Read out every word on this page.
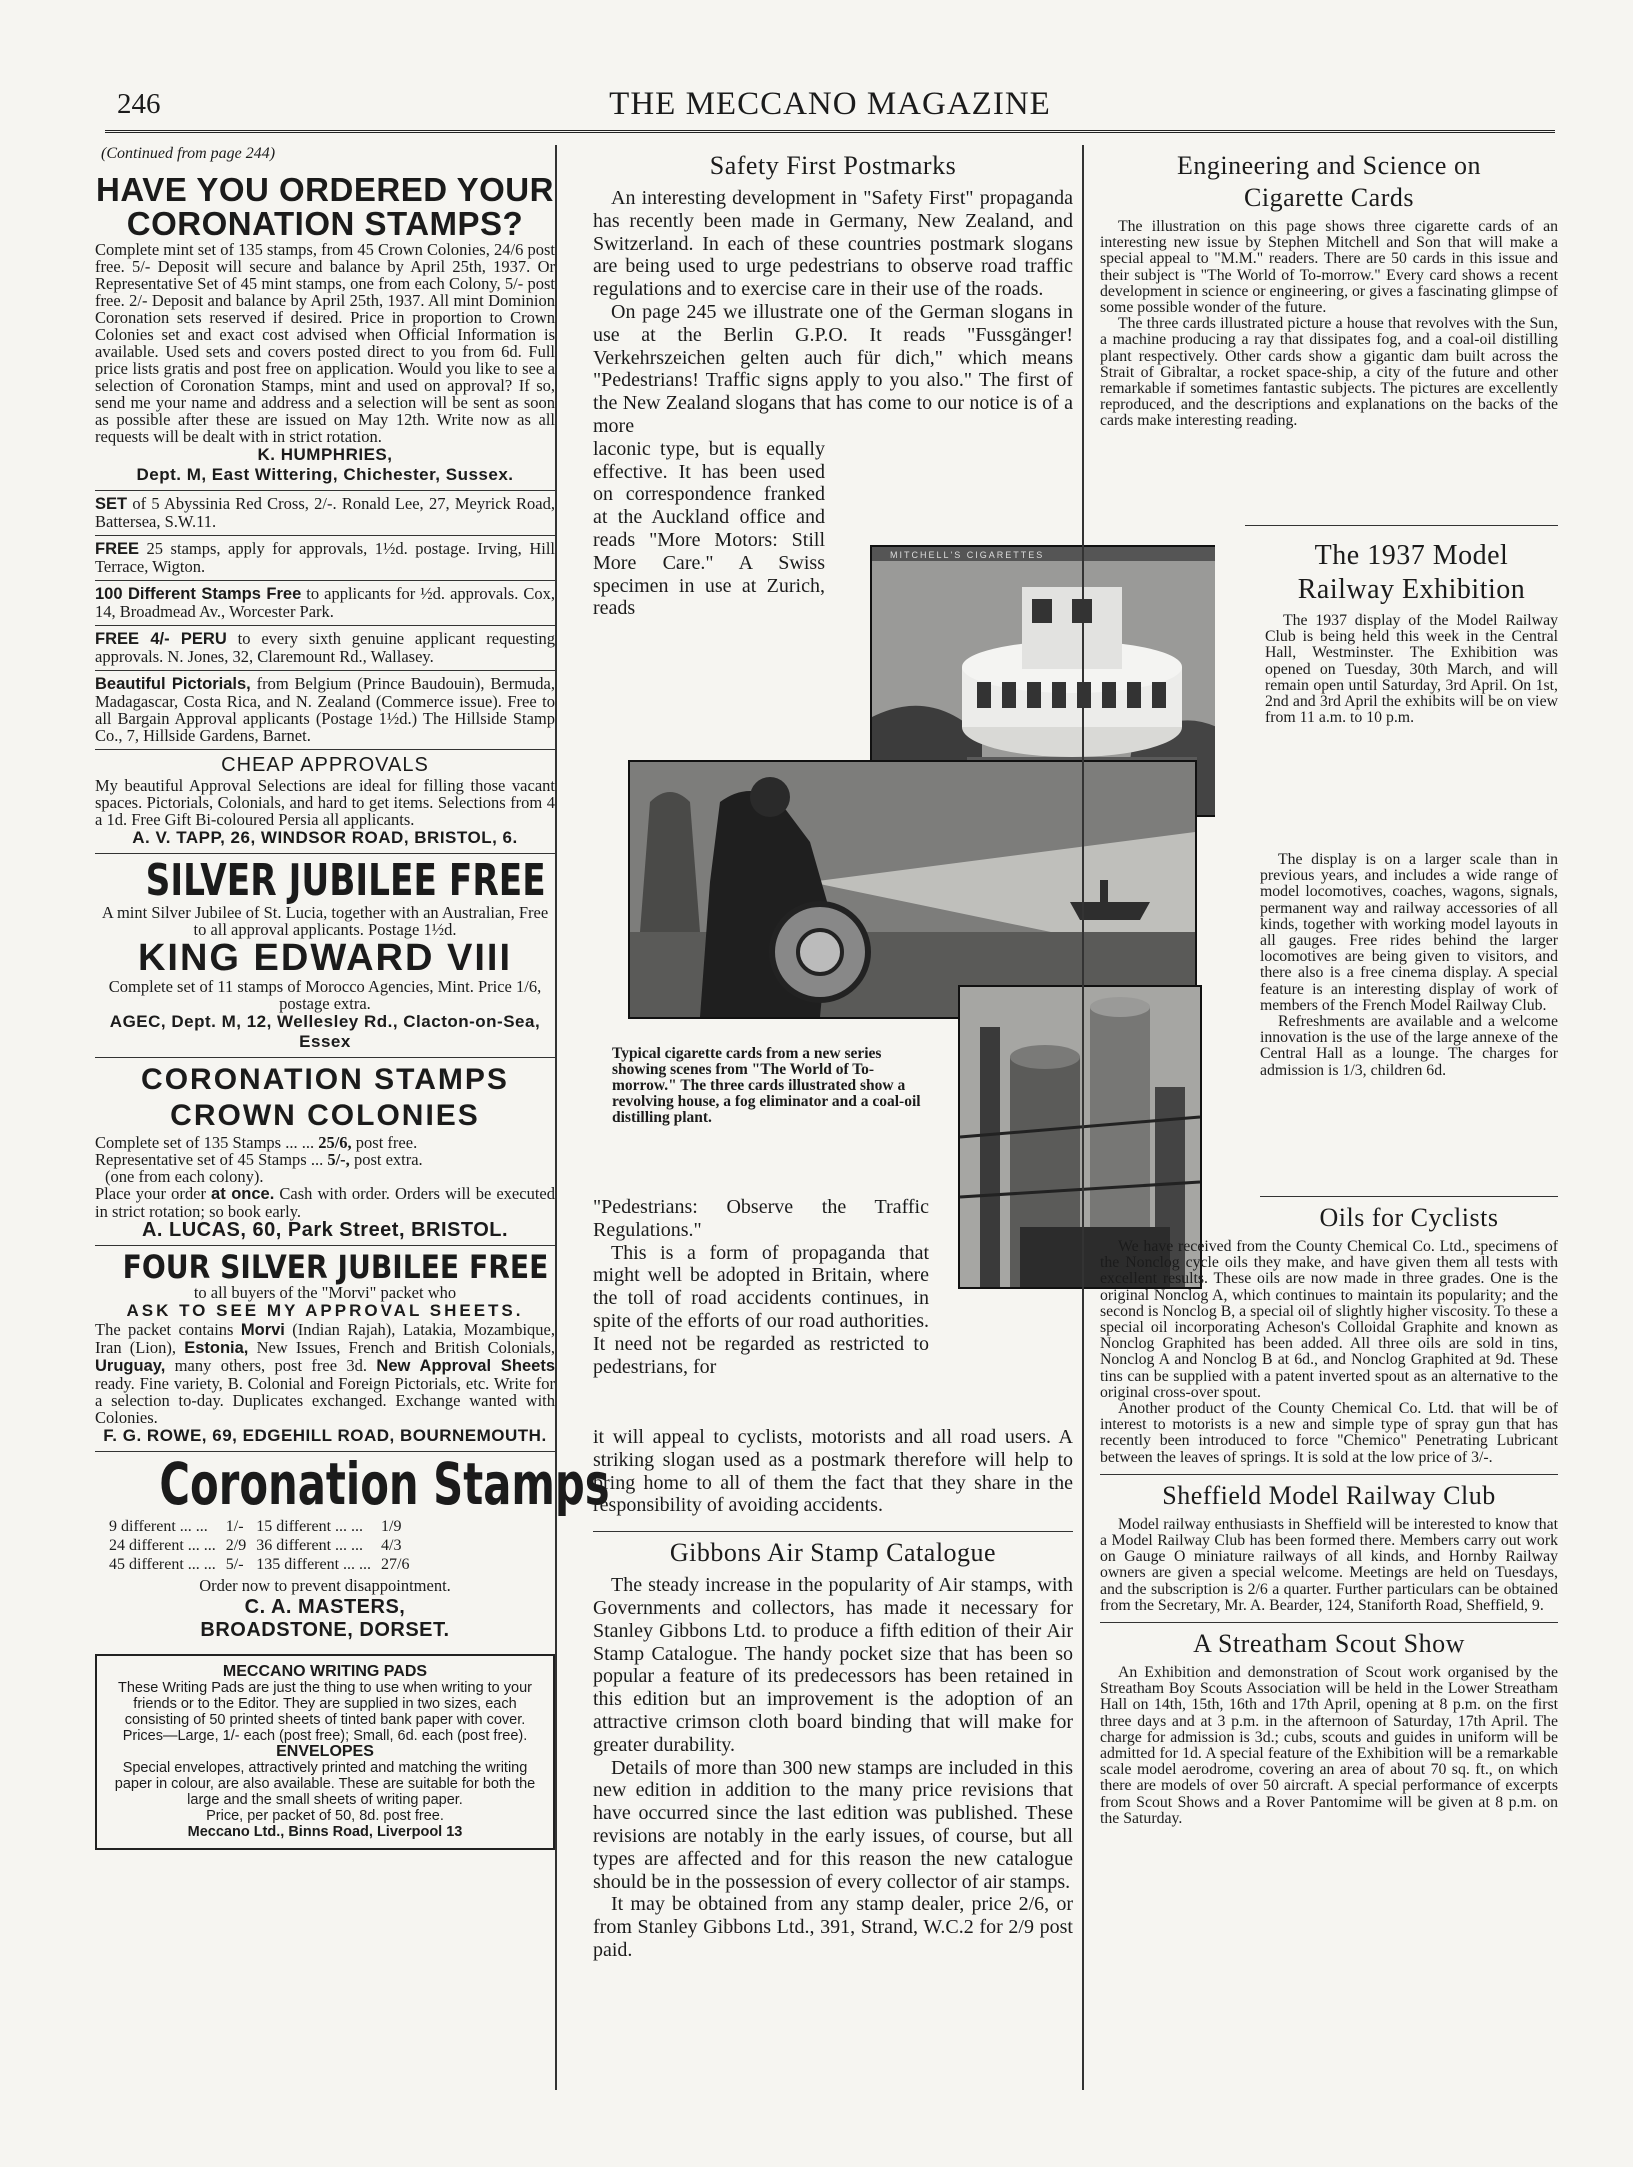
246	THE MECCANO MAGAZINE
(Continued from page 244)
HAVE YOU ORDERED YOUR
CORONATION STAMPS?

Complete mint set of 135 stamps, from 45 Crown Colonies, 24/6 post free. 5/- Deposit will secure and balance by April 25th, 1937. Or Representative Set of 45 mint stamps, one from each Colony, 5/- post free. 2/- Deposit and balance by April 25th, 1937. All mint Dominion Coronation sets reserved if desired. Price in proportion to Crown Colonies set and exact cost advised when Official Information is available. Used sets and covers posted direct to you from 6d. Full price lists gratis and post free on application. Would you like to see a selection of Coronation Stamps, mint and used on approval? If so, send me your name and address and a selection will be sent as soon as possible after these are issued on May 12th. Write now as all requests will be dealt with in strict rotation.

K. HUMPHRIES,
Dept. M, East Wittering, Chichester, Sussex.
SET of 5 Abyssinia Red Cross, 2/-. Ronald Lee, 27, Meyrick Road, Battersea, S.W.11.
FREE 25 stamps, apply for approvals, 1½d. postage. Irving, Hill Terrace, Wigton.
100 Different Stamps Free to applicants for ½d. approvals. Cox, 14, Broadmead Av., Worcester Park.
FREE 4/- PERU to every sixth genuine applicant requesting approvals. N. Jones, 32, Claremount Rd., Wallasey.
Beautiful Pictorials, from Belgium (Prince Baudouin), Bermuda, Madagascar, Costa Rica, and N. Zealand (Commerce issue). Free to all Bargain Approval applicants (Postage 1½d.) The Hillside Stamp Co., 7, Hillside Gardens, Barnet.
CHEAP APPROVALS

My beautiful Approval Selections are ideal for filling those vacant spaces. Pictorials, Colonials, and hard to get items. Selections from 4 a 1d. Free Gift Bi-coloured Persia all applicants.

A. V. TAPP, 26, WINDSOR ROAD, BRISTOL, 6.
SILVER JUBILEE FREE

A mint Silver Jubilee of St. Lucia, together with an Australian, Free to all approval applicants. Postage 1½d.

KING EDWARD VIII

Complete set of 11 stamps of Morocco Agencies, Mint. Price 1/6, postage extra.

AGEC, Dept. M, 12, Wellesley Rd., Clacton-on-Sea, Essex
CORONATION STAMPS
CROWN COLONIES

Complete set of 135 Stamps ... ... 25/6, post free.

Representative set of 45 Stamps ... 5/-, post extra.

(one from each colony).

Place your order at once. Cash with order. Orders will be executed in strict rotation; so book early.

A. LUCAS, 60, Park Street, BRISTOL.
FOUR SILVER JUBILEE FREE

to all buyers of the "Morvi" packet who

ASK TO SEE MY APPROVAL SHEETS.

The packet contains Morvi (Indian Rajah), Latakia, Mozambique, Iran (Lion), Estonia, New Issues, French and British Colonials, Uruguay, many others, post free 3d. New Approval Sheets ready. Fine variety, B. Colonial and Foreign Pictorials, etc. Write for a selection to-day. Duplicates exchanged. Exchange wanted with Colonies.

F. G. ROWE, 69, EDGEHILL ROAD, BOURNEMOUTH.
Coronation Stamps
9 different ... ...	1/-	15 different ... ...	1/9
24 different ... ...	2/9	36 different ... ...	4/3
45 different ... ...	5/-	135 different ... ...	27/6

Order now to prevent disappointment.

C. A. MASTERS,
BROADSTONE, DORSET.
MECCANO WRITING PADS

These Writing Pads are just the thing to use when writing to your friends or to the Editor. They are supplied in two sizes, each consisting of 50 printed sheets of tinted bank paper with cover. Prices—Large, 1/- each (post free); Small, 6d. each (post free).

ENVELOPES

Special envelopes, attractively printed and matching the writing paper in colour, are also available. These are suitable for both the large and the small sheets of writing paper.

Price, per packet of 50, 8d. post free.

Meccano Ltd., Binns Road, Liverpool 13

Safety First Postmarks

An interesting development in "Safety First" propaganda has recently been made in Germany, New Zealand, and Switzerland. In each of these countries postmark slogans are being used to urge pedestrians to observe road traffic regulations and to exercise care in their use of the roads.

On page 245 we illustrate one of the German slogans in use at the Berlin G.P.O. It reads "Fussgänger! Verkehrszeichen gelten auch für dich," which means "Pedestrians! Traffic signs apply to you also." The first of the New Zealand slogans that has come to our notice is of a more

laconic type, but is equally effective. It has been used on correspondence franked at the Auckland office and reads "More Motors: Still More Care." A Swiss specimen in use at Zurich, reads

"Pedestrians: Observe the Traffic Regulations."

This is a form of propaganda that might well be adopted in Britain, where the toll of road accidents continues, in spite of the efforts of our road authorities. It need not be regarded as restricted to pedestrians, for

it will appeal to cyclists, motorists and all road users. A striking slogan used as a postmark therefore will help to bring home to all of them the fact that they share in the responsibility of avoiding accidents.

Gibbons Air Stamp Catalogue

The steady increase in the popularity of Air stamps, with Governments and collectors, has made it necessary for Stanley Gibbons Ltd. to produce a fifth edition of their Air Stamp Catalogue. The handy pocket size that has been so popular a feature of its predecessors has been retained in this edition but an improvement is the adoption of an attractive crimson cloth board binding that will make for greater durability.

Details of more than 300 new stamps are included in this new edition in addition to the many price revisions that have occurred since the last edition was published. These revisions are notably in the early issues, of course, but all types are affected and for this reason the new catalogue should be in the possession of every collector of air stamps.

It may be obtained from any stamp dealer, price 2/6, or from Stanley Gibbons Ltd., 391, Strand, W.C.2 for 2/9 post paid.

MITCHELL'S CIGARETTES
Typical cigarette cards from a new series showing scenes from "The World of To-morrow." The three cards illustrated show a revolving house, a fog eliminator and a coal-oil distilling plant.
Engineering and Science on
Cigarette Cards

The illustration on this page shows three cigarette cards of an interesting new issue by Stephen Mitchell and Son that will make a special appeal to "M.M." readers. There are 50 cards in this issue and their subject is "The World of To-morrow." Every card shows a recent development in science or engineering, or gives a fascinating glimpse of some possible wonder of the future.

The three cards illustrated picture a house that revolves with the Sun, a machine producing a ray that dissipates fog, and a coal-oil distilling plant respectively. Other cards show a gigantic dam built across the Strait of Gibraltar, a rocket space-ship, a city of the future and other remarkable if sometimes fantastic subjects. The pictures are excellently reproduced, and the descriptions and explanations on the backs of the cards make interesting reading.

The 1937 Model Railway Exhibition

The 1937 display of the Model Railway Club is being held this week in the Central Hall, Westminster. The Exhibition was opened on Tuesday, 30th March, and will remain open until Saturday, 3rd April. On 1st, 2nd and 3rd April the exhibits will be on view from 11 a.m. to 10 p.m.

The display is on a larger scale than in previous years, and includes a wide range of model locomotives, coaches, wagons, signals, permanent way and railway accessories of all kinds, together with working model layouts in all gauges. Free rides behind the larger locomotives are being given to visitors, and there also is a free cinema display. A special feature is an interesting display of work of members of the French Model Railway Club.

Refreshments are available and a welcome innovation is the use of the large annexe of the Central Hall as a lounge. The charges for admission is 1/3, children 6d.

Oils for Cyclists

We have received from the County Chemical Co. Ltd., specimens of the Nonclog cycle oils they make, and have given them all tests with excellent results. These oils are now made in three grades. One is the original Nonclog A, which continues to maintain its popularity; and the second is Nonclog B, a special oil of slightly higher viscosity. To these a special oil incorporating Acheson's Colloidal Graphite and known as Nonclog Graphited has been added. All three oils are sold in tins, Nonclog A and Nonclog B at 6d., and Nonclog Graphited at 9d. These tins can be supplied with a patent inverted spout as an alternative to the original cross-over spout.

Another product of the County Chemical Co. Ltd. that will be of interest to motorists is a new and simple type of spray gun that has recently been introduced to force "Chemico" Penetrating Lubricant between the leaves of springs. It is sold at the low price of 3/-.

Sheffield Model Railway Club

Model railway enthusiasts in Sheffield will be interested to know that a Model Railway Club has been formed there. Members carry out work on Gauge O miniature railways of all kinds, and Hornby Railway owners are given a special welcome. Meetings are held on Tuesdays, and the subscription is 2/6 a quarter. Further particulars can be obtained from the Secretary, Mr. A. Bearder, 124, Staniforth Road, Sheffield, 9.

A Streatham Scout Show

An Exhibition and demonstration of Scout work organised by the Streatham Boy Scouts Association will be held in the Lower Streatham Hall on 14th, 15th, 16th and 17th April, opening at 8 p.m. on the first three days and at 3 p.m. in the afternoon of Saturday, 17th April. The charge for admission is 3d.; cubs, scouts and guides in uniform will be admitted for 1d. A special feature of the Exhibition will be a remarkable scale model aerodrome, covering an area of about 70 sq. ft., on which there are models of over 50 aircraft. A special performance of excerpts from Scout Shows and a Rover Pantomime will be given at 8 p.m. on the Saturday.
